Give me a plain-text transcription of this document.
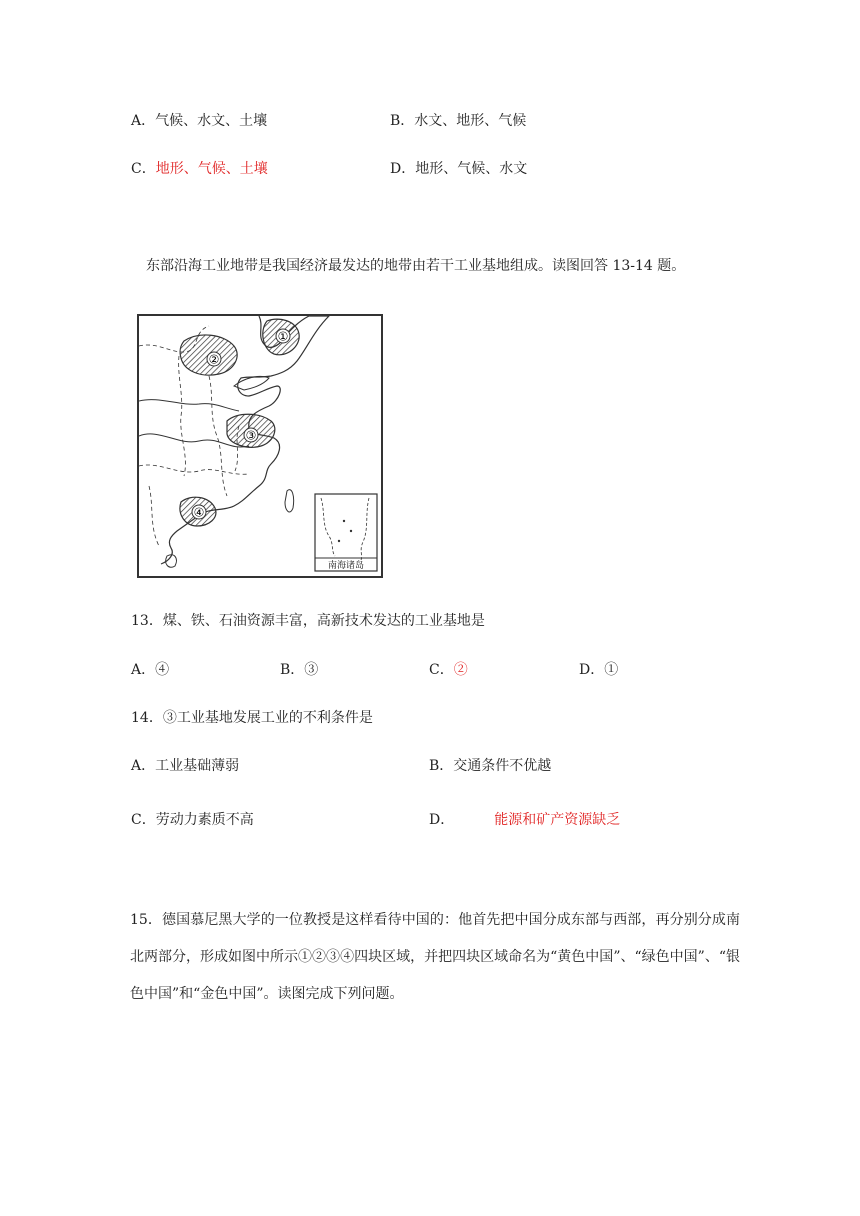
A．气候、水文、土壤	B．水文、地形、气候
C．地形、气候、土壤	D．地形、气候、水文
东部沿海工业地带是我国经济最发达的地带由若干工业基地组成。读图回答 13-14 题。
①
②
③
④
南海诸岛
13．煤、铁、石油资源丰富，高新技术发达的工业基地是
A．④	B．③	C．②	D．①
14．③工业基地发展工业的不利条件是
A．工业基础薄弱	B．交通条件不优越
C．劳动力素质不高	D．	能源和矿产资源缺乏
15．德国慕尼黑大学的一位教授是这样看待中国的：他首先把中国分成东部与西部，再分别分成南北两部分，形成如图中所示①②③④四块区域，并把四块区域命名为“黄色中国”、“绿色中国”、“银色中国”和“金色中国”。读图完成下列问题。
